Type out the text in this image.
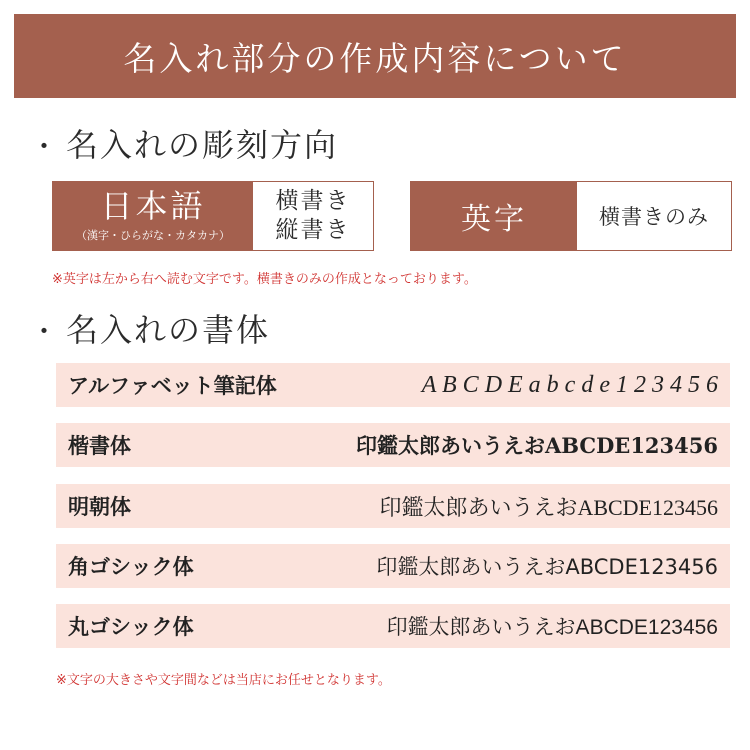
名入れ部分の作成内容について
・ 名入れの彫刻方向
日本語
（漢字・ひらがな・カタカナ）
横書き
縦書き	英字	横書きのみ
※英字は左から右へ読む文字です。横書きのみの作成となっております。
・ 名入れの書体
アルファベット筆記体	A B C D E a b c d e 1 2 3 4 5 6
楷書体	印鑑太郎あいうえおABCDE123456
明朝体	印鑑太郎あいうえおABCDE123456
角ゴシック体	印鑑太郎あいうえおABCDE123456
丸ゴシック体	印鑑太郎あいうえおABCDE123456
※文字の大きさや文字間などは当店にお任せとなります。
